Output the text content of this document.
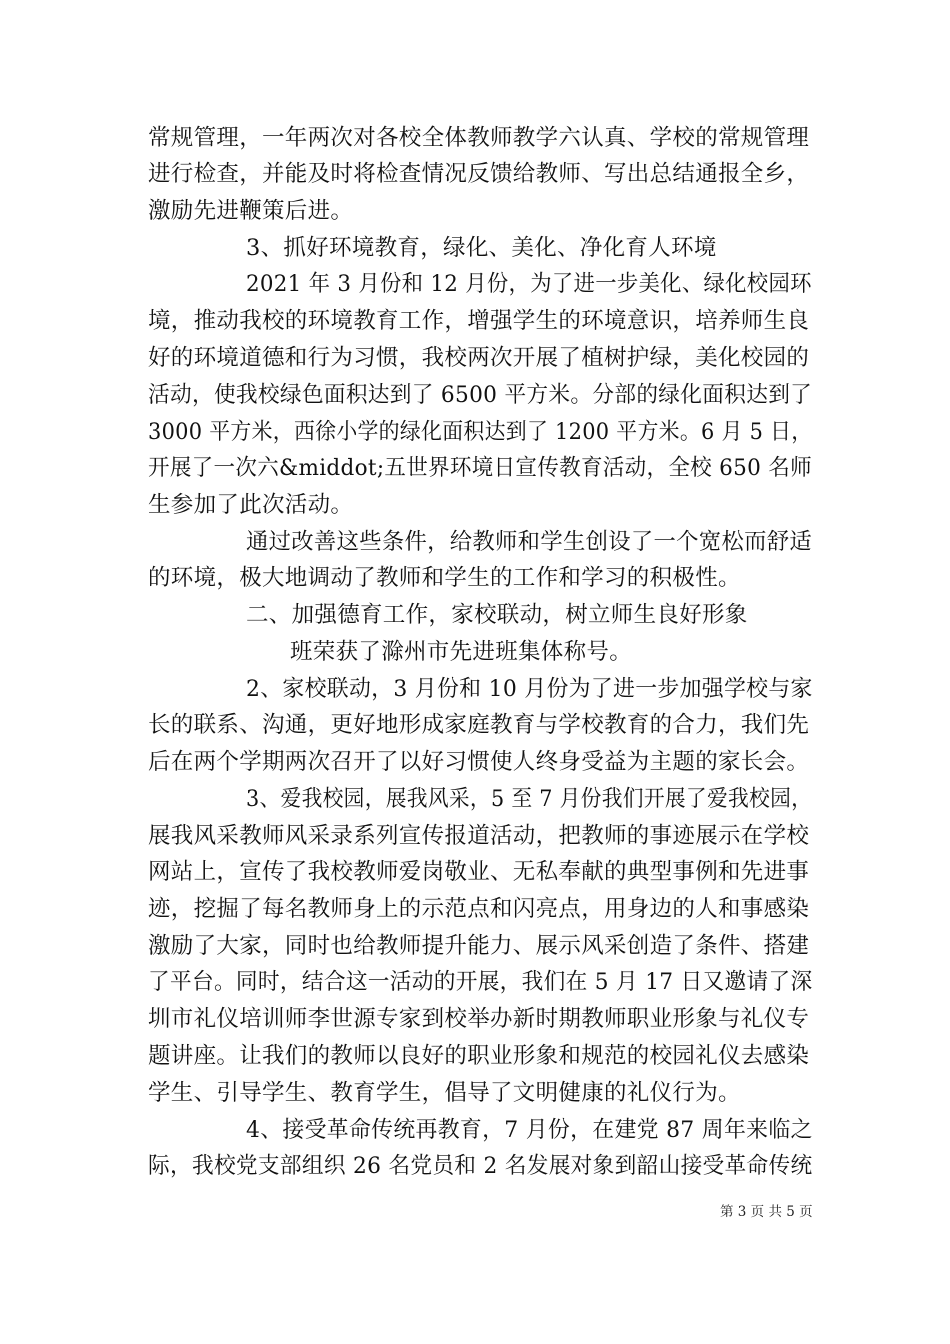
常规管理，一年两次对各校全体教师教学六认真、学校的常规管理
进行检查，并能及时将检查情况反馈给教师、写出总结通报全乡，
激励先进鞭策后进。
3、抓好环境教育，绿化、美化、净化育人环境
2021 年 3 月份和 12 月份，为了进一步美化、绿化校园环
境，推动我校的环境教育工作，增强学生的环境意识，培养师生良
好的环境道德和行为习惯，我校两次开展了植树护绿，美化校园的
活动，使我校绿色面积达到了 6500 平方米。分部的绿化面积达到了
3000 平方米，西徐小学的绿化面积达到了 1200 平方米。6 月 5 日，
开展了一次六&middot;五世界环境日宣传教育活动，全校 650 名师
生参加了此次活动。
通过改善这些条件，给教师和学生创设了一个宽松而舒适
的环境，极大地调动了教师和学生的工作和学习的积极性。
二、加强德育工作，家校联动，树立师生良好形象
班荣获了滁州市先进班集体称号。
2、家校联动，3 月份和 10 月份为了进一步加强学校与家
长的联系、沟通，更好地形成家庭教育与学校教育的合力，我们先
后在两个学期两次召开了以好习惯使人终身受益为主题的家长会。
3、爱我校园，展我风采，5 至 7 月份我们开展了爱我校园，
展我风采教师风采录系列宣传报道活动，把教师的事迹展示在学校
网站上，宣传了我校教师爱岗敬业、无私奉献的典型事例和先进事
迹，挖掘了每名教师身上的示范点和闪亮点，用身边的人和事感染
激励了大家，同时也给教师提升能力、展示风采创造了条件、搭建
了平台。同时，结合这一活动的开展，我们在 5 月 17 日又邀请了深
圳市礼仪培训师李世源专家到校举办新时期教师职业形象与礼仪专
题讲座。让我们的教师以良好的职业形象和规范的校园礼仪去感染
学生、引导学生、教育学生，倡导了文明健康的礼仪行为。
4、接受革命传统再教育，7 月份，在建党 87 周年来临之
际，我校党支部组织 26 名党员和 2 名发展对象到韶山接受革命传统
第 3 页 共 5 页
